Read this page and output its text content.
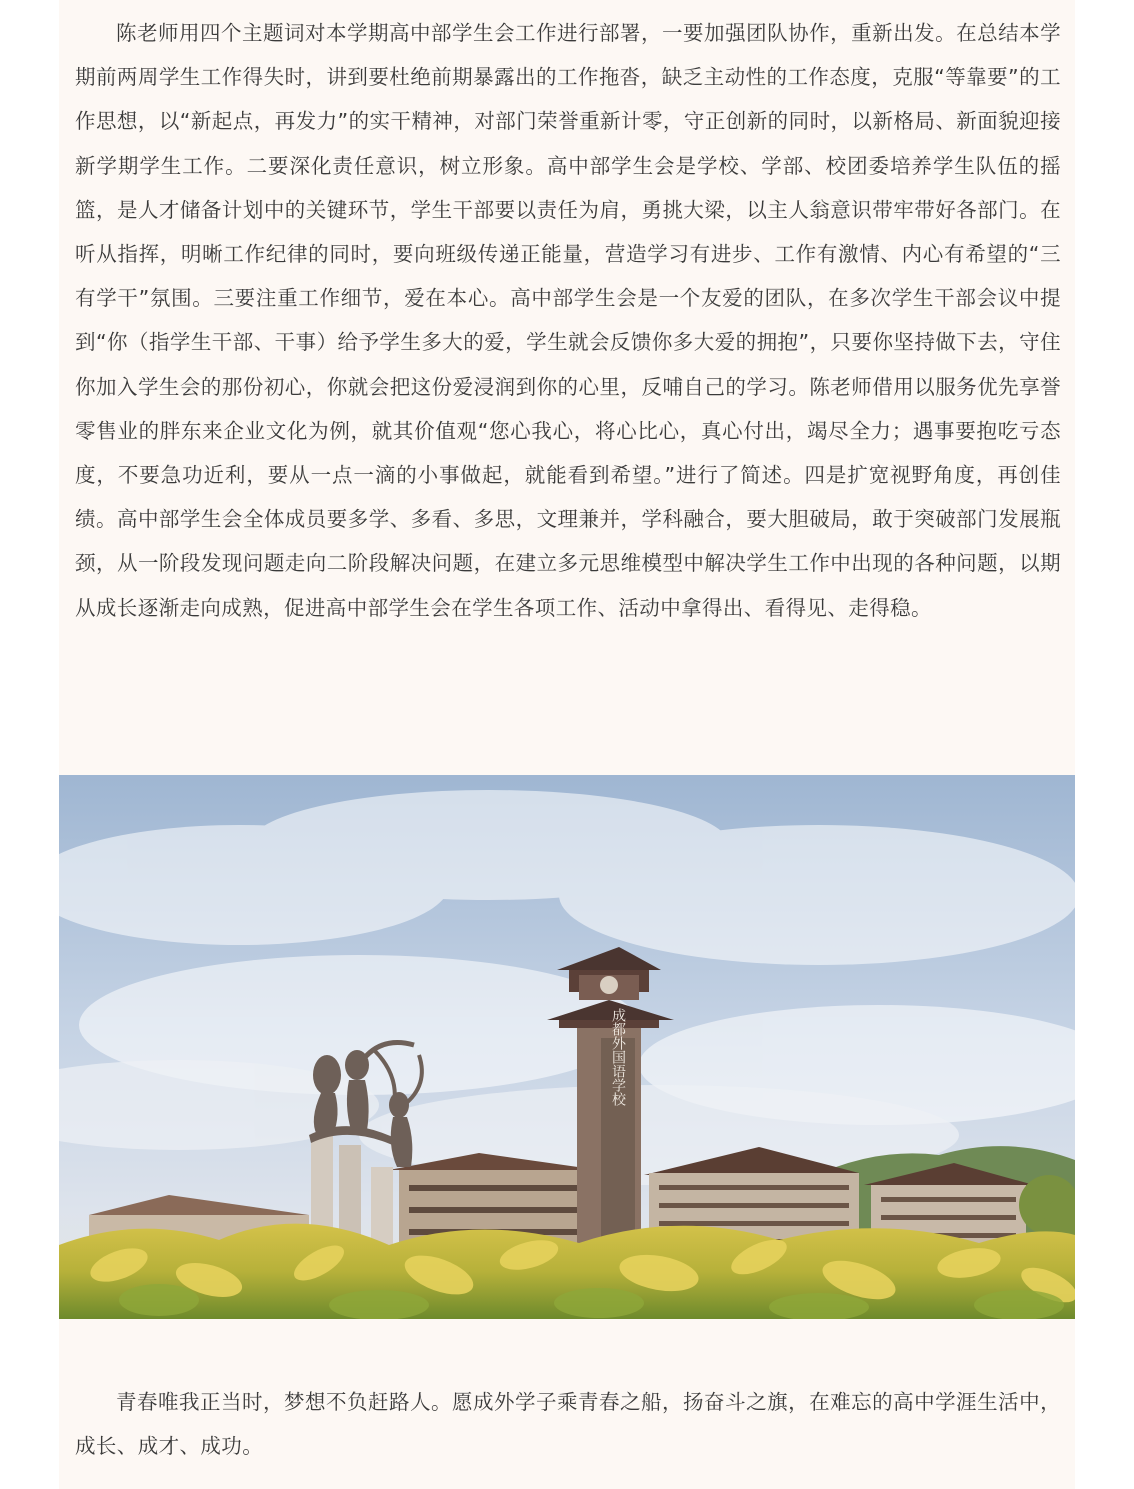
陈老师用四个主题词对本学期高中部学生会工作进行部署，一要加强团队协作，重新出发。在总结本学期前两周学生工作得失时，讲到要杜绝前期暴露出的工作拖沓，缺乏主动性的工作态度，克服“等靠要”的工作思想，以“新起点，再发力”的实干精神，对部门荣誉重新计零，守正创新的同时，以新格局、新面貌迎接新学期学生工作。二要深化责任意识，树立形象。高中部学生会是学校、学部、校团委培养学生队伍的摇篮，是人才储备计划中的关键环节，学生干部要以责任为肩，勇挑大梁，以主人翁意识带牢带好各部门。在听从指挥，明晰工作纪律的同时，要向班级传递正能量，营造学习有进步、工作有激情、内心有希望的“三有学干”氛围。三要注重工作细节，爱在本心。高中部学生会是一个友爱的团队，在多次学生干部会议中提到“你（指学生干部、干事）给予学生多大的爱，学生就会反馈你多大爱的拥抱”，只要你坚持做下去，守住你加入学生会的那份初心，你就会把这份爱浸润到你的心里，反哺自己的学习。陈老师借用以服务优先享誉零售业的胖东来企业文化为例，就其价值观“您心我心，将心比心，真心付出，竭尽全力；遇事要抱吃亏态度，不要急功近利，要从一点一滴的小事做起，就能看到希望。”进行了简述。四是扩宽视野角度，再创佳绩。高中部学生会全体成员要多学、多看、多思，文理兼并，学科融合，要大胆破局，敢于突破部门发展瓶颈，从一阶段发现问题走向二阶段解决问题，在建立多元思维模型中解决学生工作中出现的各种问题，以期从成长逐渐走向成熟，促进高中部学生会在学生各项工作、活动中拿得出、看得见、走得稳。

成都外国语学校

青春唯我正当时，梦想不负赶路人。愿成外学子乘青春之船，扬奋斗之旗，在难忘的高中学涯生活中，成长、成才、成功。
